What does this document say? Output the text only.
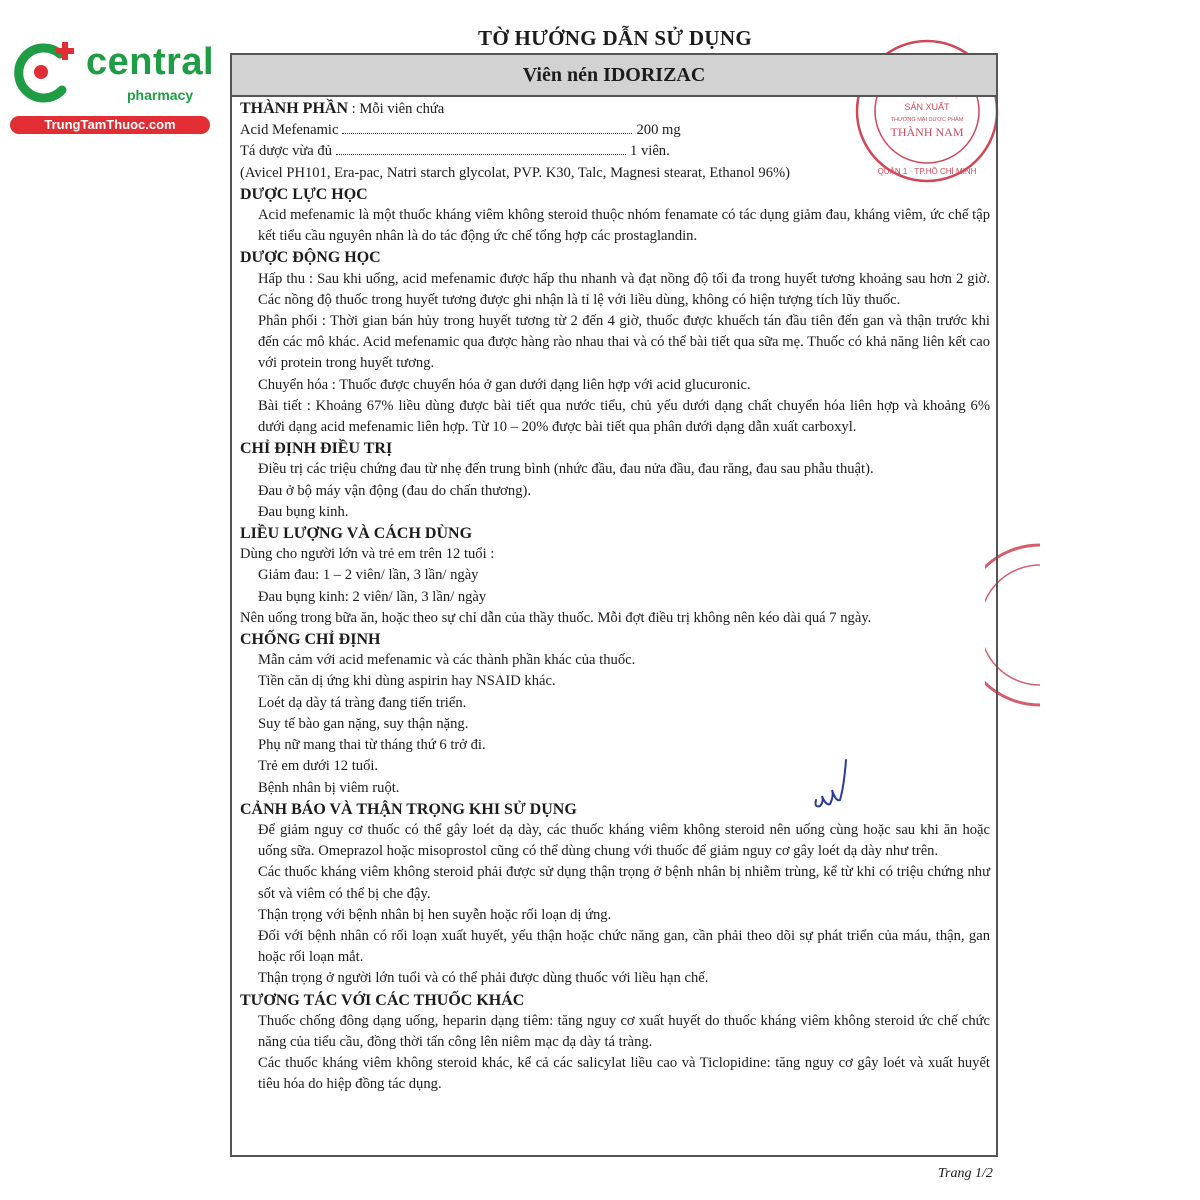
central
pharmacy
TrungTamThuoc.com
TỜ HƯỚNG DẪN SỬ DỤNG
SẢN XUẤT
THƯƠNG MẠI DƯỢC PHẨM
THÀNH NAM
QUẬN 1 · TP.HỒ CHÍ MINH
Viên nén IDORIZAC

THÀNH PHẦN : Mỗi viên chứa

Acid Mefenamic	200 mg
Tá dược vừa đủ	1 viên.

(Avicel PH101, Era-pac, Natri starch glycolat, PVP. K30, Talc, Magnesi stearat, Ethanol 96%)

DƯỢC LỰC HỌC

Acid mefenamic là một thuốc kháng viêm không steroid thuộc nhóm fenamate có tác dụng giảm đau, kháng viêm, ức chế tập kết tiểu cầu nguyên nhân là do tác động ức chế tổng hợp các prostaglandin.

DƯỢC ĐỘNG HỌC

Hấp thu : Sau khi uống, acid mefenamic được hấp thu nhanh và đạt nồng độ tối đa trong huyết tương khoảng sau hơn 2 giờ. Các nồng độ thuốc trong huyết tương được ghi nhận là tỉ lệ với liều dùng, không có hiện tượng tích lũy thuốc.

Phân phối : Thời gian bán hủy trong huyết tương từ 2 đến 4 giờ, thuốc được khuếch tán đầu tiên đến gan và thận trước khi đến các mô khác. Acid mefenamic qua được hàng rào nhau thai và có thể bài tiết qua sữa mẹ. Thuốc có khả năng liên kết cao với protein trong huyết tương.

Chuyển hóa : Thuốc được chuyển hóa ở gan dưới dạng liên hợp với acid glucuronic.

Bài tiết : Khoảng 67% liều dùng được bài tiết qua nước tiểu, chủ yếu dưới dạng chất chuyển hóa liên hợp và khoảng 6% dưới dạng acid mefenamic liên hợp. Từ 10 – 20% được bài tiết qua phân dưới dạng dẫn xuất carboxyl.

CHỈ ĐỊNH ĐIỀU TRỊ

Điều trị các triệu chứng đau từ nhẹ đến trung bình (nhức đầu, đau nửa đầu, đau răng, đau sau phẫu thuật).

Đau ở bộ máy vận động (đau do chấn thương).

Đau bụng kinh.

LIỀU LƯỢNG VÀ CÁCH DÙNG

Dùng cho người lớn và trẻ em trên 12 tuổi :

Giảm đau: 1 – 2 viên/ lần, 3 lần/ ngày

Đau bụng kinh: 2 viên/ lần, 3 lần/ ngày

Nên uống trong bữa ăn, hoặc theo sự chỉ dẫn của thầy thuốc. Mỗi đợt điều trị không nên kéo dài quá 7 ngày.

CHỐNG CHỈ ĐỊNH

Mẫn cảm với acid mefenamic và các thành phần khác của thuốc.

Tiền căn dị ứng khi dùng aspirin hay NSAID khác.

Loét dạ dày tá tràng đang tiến triển.

Suy tế bào gan nặng, suy thận nặng.

Phụ nữ mang thai từ tháng thứ 6 trở đi.

Trẻ em dưới 12 tuổi.

Bệnh nhân bị viêm ruột.

CẢNH BÁO VÀ THẬN TRỌNG KHI SỬ DỤNG

Để giảm nguy cơ thuốc có thể gây loét dạ dày, các thuốc kháng viêm không steroid nên uống cùng hoặc sau khi ăn hoặc uống sữa. Omeprazol hoặc misoprostol cũng có thể dùng chung với thuốc để giảm nguy cơ gây loét dạ dày như trên.

Các thuốc kháng viêm không steroid phải được sử dụng thận trọng ở bệnh nhân bị nhiễm trùng, kể từ khi có triệu chứng như sốt và viêm có thể bị che đậy.

Thận trọng với bệnh nhân bị hen suyễn hoặc rối loạn dị ứng.

Đối với bệnh nhân có rối loạn xuất huyết, yếu thận hoặc chức năng gan, cần phải theo dõi sự phát triển của máu, thận, gan hoặc rối loạn mắt.

Thận trọng ở người lớn tuổi và có thể phải được dùng thuốc với liều hạn chế.

TƯƠNG TÁC VỚI CÁC THUỐC KHÁC

Thuốc chống đông dạng uống, heparin dạng tiêm: tăng nguy cơ xuất huyết do thuốc kháng viêm không steroid ức chế chức năng của tiểu cầu, đồng thời tấn công lên niêm mạc dạ dày tá tràng.

Các thuốc kháng viêm không steroid khác, kể cả các salicylat liều cao và Ticlopidine: tăng nguy cơ gây loét và xuất huyết tiêu hóa do hiệp đồng tác dụng.

Trang 1/2
